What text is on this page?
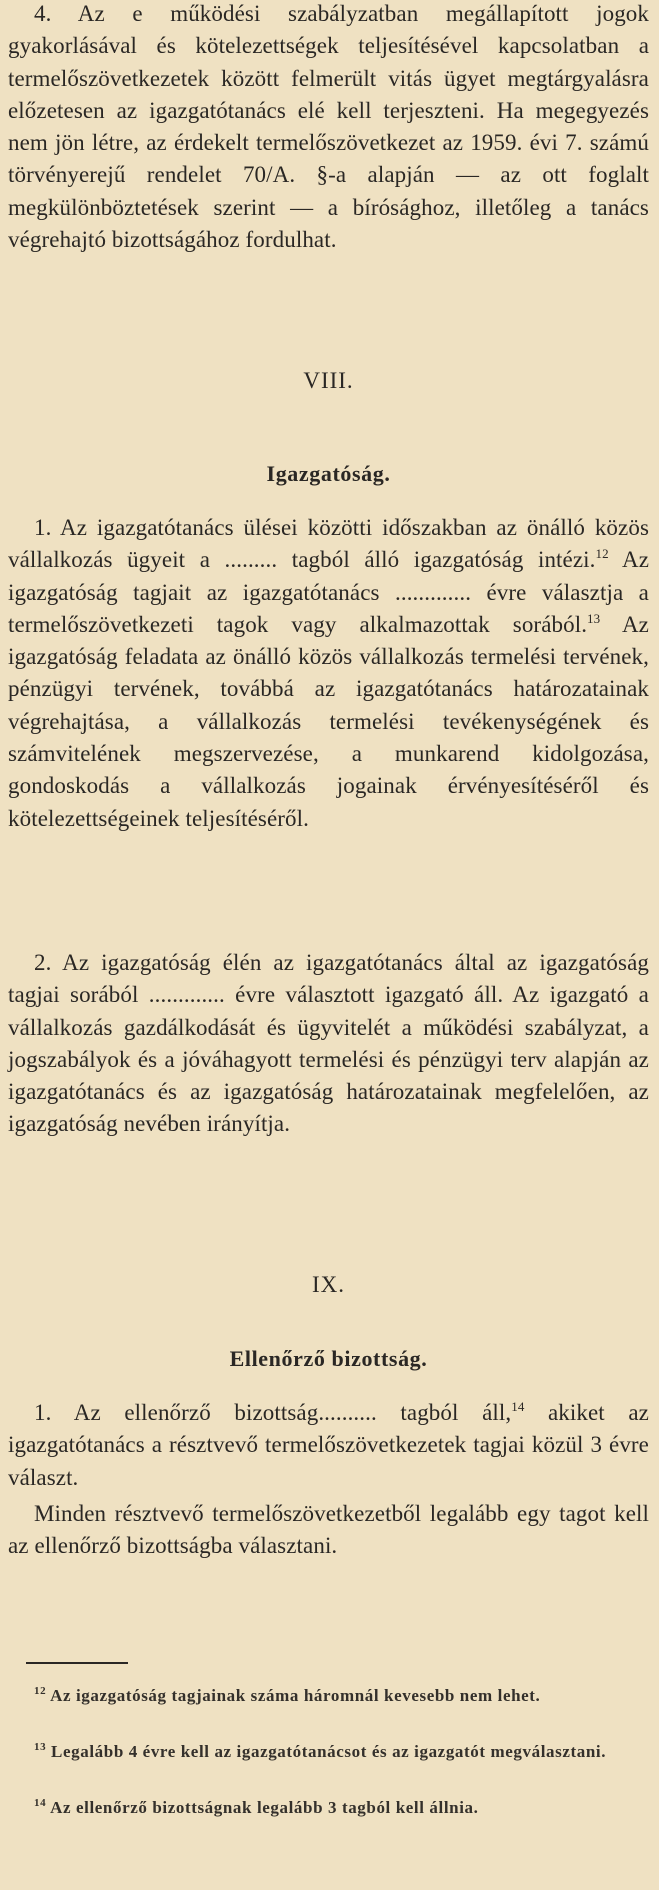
4. Az e működési szabályzatban megállapított jogok gyakorlásával és kötelezettségek teljesítésével kapcsolatban a termelőszövetkezetek között felmerült vitás ügyet megtárgyalásra előzetesen az igazgatótanács elé kell terjeszteni. Ha megegyezés nem jön létre, az érdekelt termelőszövetkezet az 1959. évi 7. számú törvényerejű rendelet 70/A. §-a alapján — az ott foglalt megkülönböztetések szerint — a bírósághoz, illetőleg a tanács végrehajtó bizottságához fordulhat.

VIII.

Igazgatóság.

1. Az igazgatótanács ülései közötti időszakban az önálló közös vállalkozás ügyeit a ......... tagból álló igazgatóság intézi.$^{12}$ Az igazgatóság tagjait az igazgatótanács ............. évre választja a termelőszövetkezeti tagok vagy alkalmazottak sorából.$^{13}$ Az igazgatóság feladata az önálló közös vállalkozás termelési tervének, pénzügyi tervének, továbbá az igazgatótanács határozatainak végrehajtása, a vállalkozás termelési tevékenységének és számvitelének megszervezése, a munkarend kidolgozása, gondoskodás a vállalkozás jogainak érvényesítéséről és kötelezettségeinek teljesítéséről.

2. Az igazgatóság élén az igazgatótanács által az igazgatóság tagjai sorából ............. évre választott igazgató áll. Az igazgató a vállalkozás gazdálkodását és ügyvitelét a működési szabályzat, a jogszabályok és a jóváhagyott termelési és pénzügyi terv alapján az igazgatótanács és az igazgatóság határozatainak megfelelően, az igazgatóság nevében irányítja.

IX.

Ellenőrző bizottság.

1. Az ellenőrző bizottság.......... tagból áll,$^{14}$ akiket az igazgatótanács a résztvevő termelőszövetkezetek tagjai közül 3 évre választ.

Minden résztvevő termelőszövetkezetből legalább egy tagot kell az ellenőrző bizottságba választani.

$^{12}$ Az igazgatóság tagjainak száma háromnál kevesebb nem lehet.

$^{13}$ Legalább 4 évre kell az igazgatótanácsot és az igazgatót megválasztani.

$^{14}$ Az ellenőrző bizottságnak legalább 3 tagból kell állnia.
